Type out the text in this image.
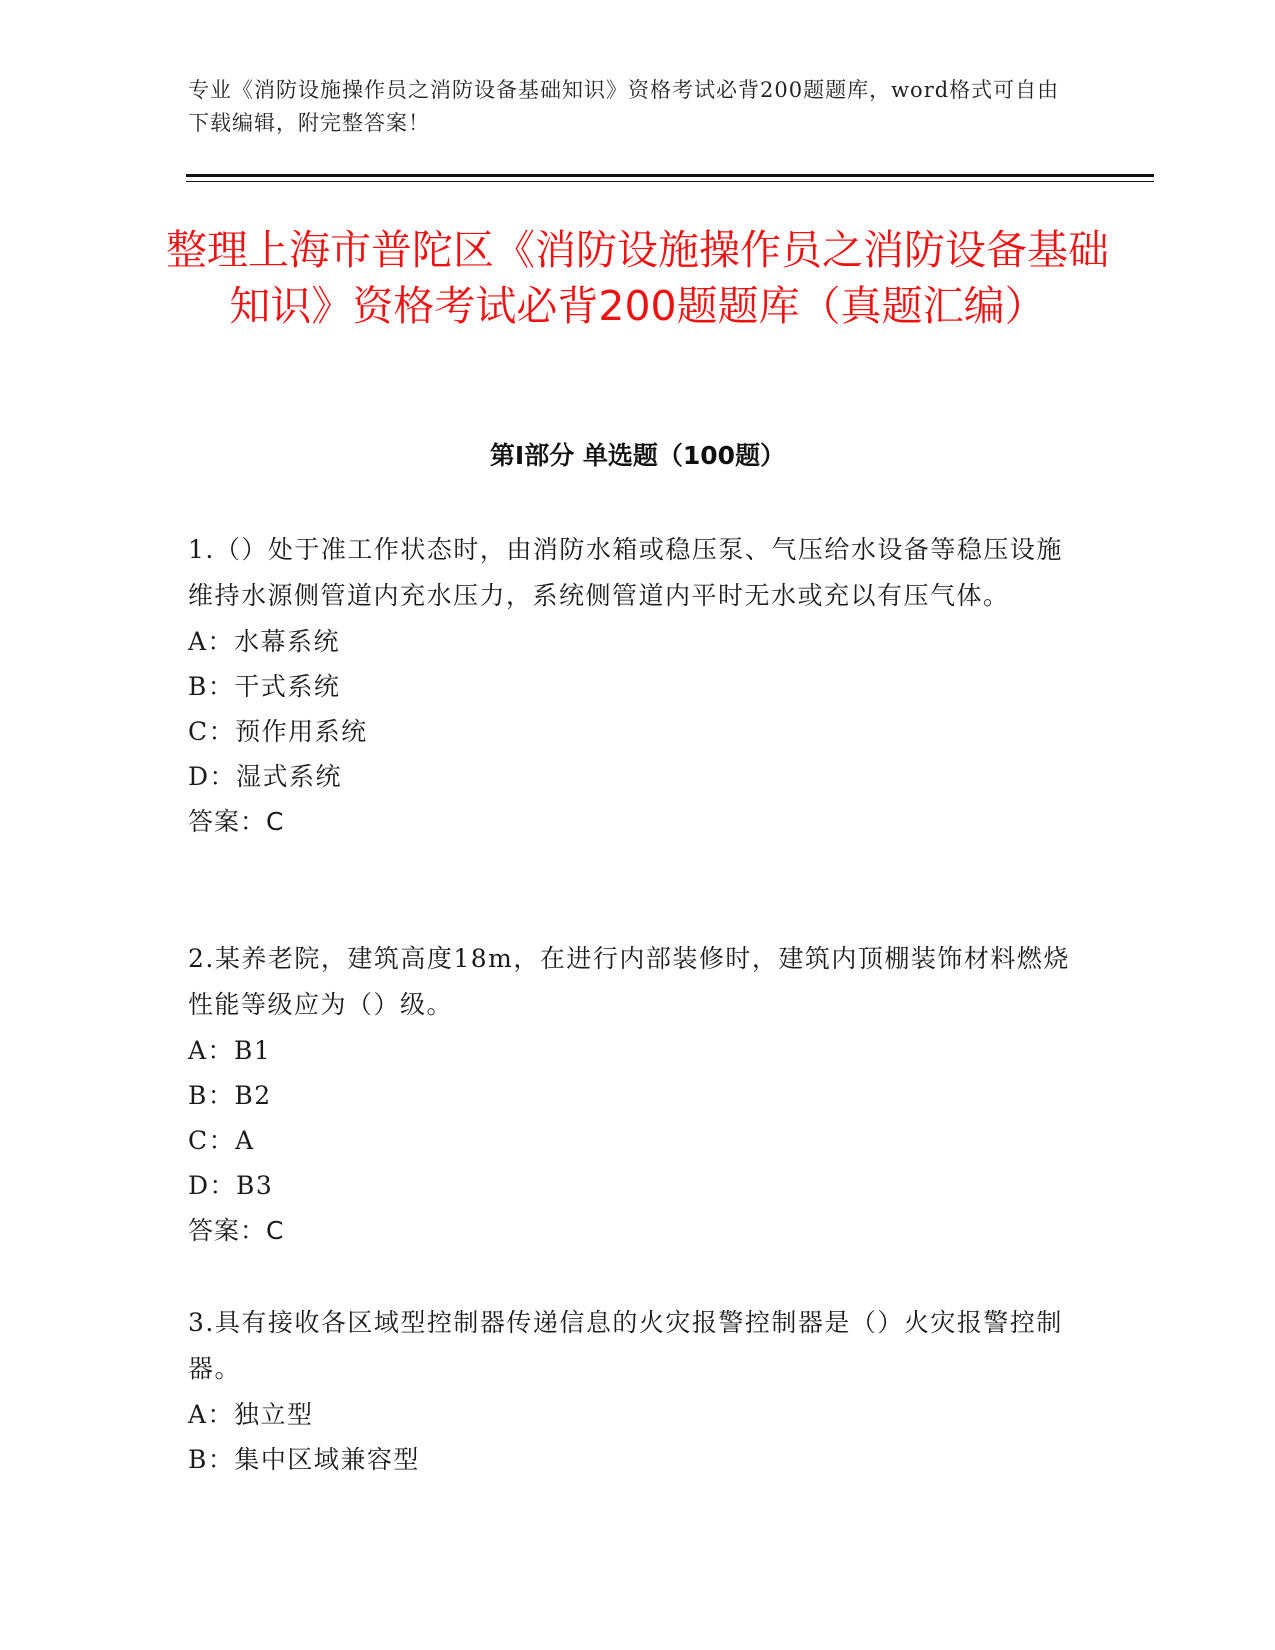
专业《消防设施操作员之消防设备基础知识》资格考试必背200题题库，word格式可自由下载编辑，附完整答案！
整理上海市普陀区《消防设施操作员之消防设备基础知识》资格考试必背200题题库（真题汇编）
第I部分 单选题（100题）
1.（）处于准工作状态时，由消防水箱或稳压泵、气压给水设备等稳压设施维持水源侧管道内充水压力，系统侧管道内平时无水或充以有压气体。
A：水幕系统
B：干式系统
C：预作用系统
D：湿式系统
答案：C
2.某养老院，建筑高度18m，在进行内部装修时，建筑内顶棚装饰材料燃烧性能等级应为（）级。
A：B1
B：B2
C：A
D：B3
答案：C
3.具有接收各区域型控制器传递信息的火灾报警控制器是（）火灾报警控制器。
A：独立型
B：集中区域兼容型
